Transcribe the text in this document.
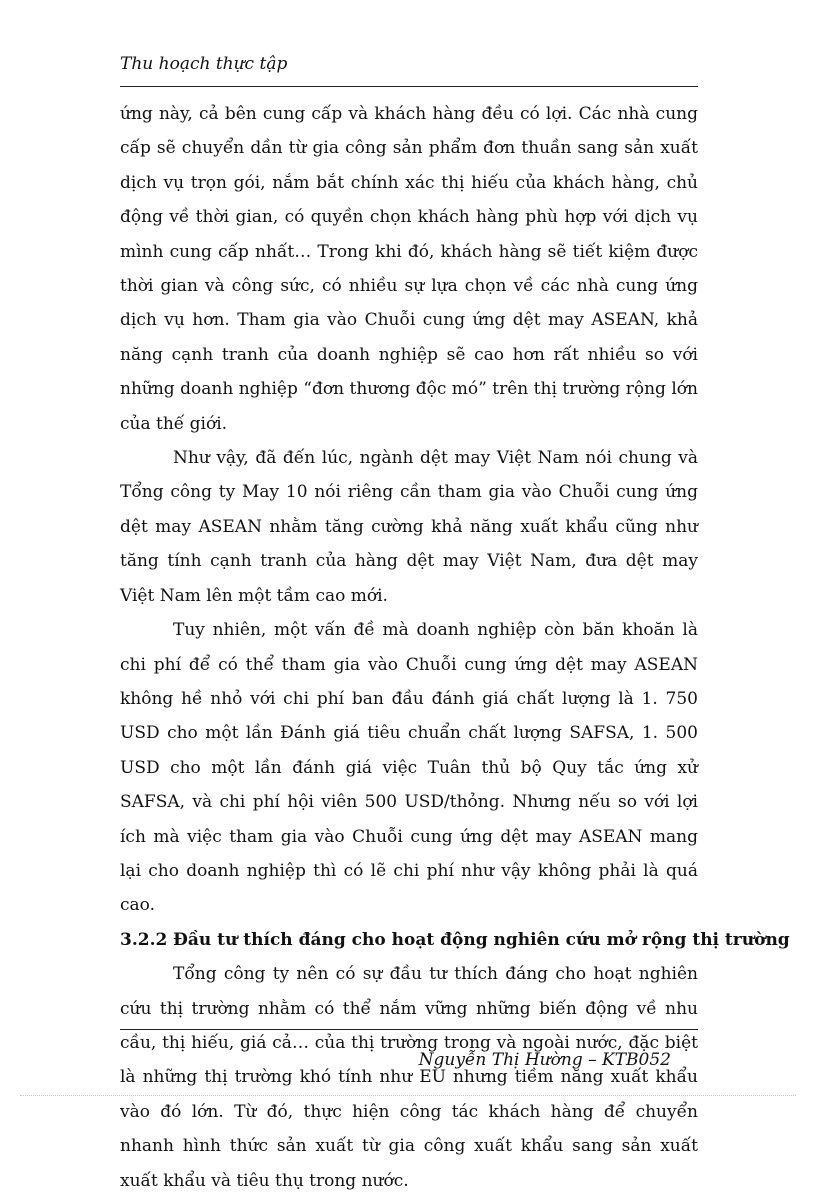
Thu hoạch thực tập

ứng này, cả bên cung cấp và khách hàng đều có lợi. Các nhà cung cấp sẽ chuyển dần từ gia công sản phẩm đơn thuần sang sản xuất dịch vụ trọn gói, nắm bắt chính xác thị hiếu của khách hàng, chủ động về thời gian, có quyền chọn khách hàng phù hợp với dịch vụ mình cung cấp nhất… Trong khi đó, khách hàng sẽ tiết kiệm được thời gian và công sức, có nhiều sự lựa chọn về các nhà cung ứng dịch vụ hơn. Tham gia vào Chuỗi cung ứng dệt may ASEAN, khả năng cạnh tranh của doanh nghiệp sẽ cao hơn rất nhiều so với những doanh nghiệp “đơn thương độc mó” trên thị trường rộng lớn của thế giới.

Như vậy, đã đến lúc, ngành dệt may Việt Nam nói chung và Tổng công ty May 10 nói riêng cần tham gia vào Chuỗi cung ứng dệt may ASEAN nhằm tăng cường khả năng xuất khẩu cũng như tăng tính cạnh tranh của hàng dệt may Việt Nam, đưa dệt may Việt Nam lên một tầm cao mới.

Tuy nhiên, một vấn đề mà doanh nghiệp còn băn khoăn là chi phí để có thể tham gia vào Chuỗi cung ứng dệt may ASEAN không hề nhỏ với chi phí ban đầu đánh giá chất lượng là 1. 750 USD cho một lần Đánh giá tiêu chuẩn chất lượng SAFSA, 1. 500 USD cho một lần đánh giá việc Tuân thủ bộ Quy tắc ứng xử SAFSA, và chi phí hội viên 500 USD/thỏng. Nhưng nếu so với lợi ích mà việc tham gia vào Chuỗi cung ứng dệt may ASEAN mang lại cho doanh nghiệp thì có lẽ chi phí như vậy không phải là quá cao.

3.2.2 Đầu tư thích đáng cho hoạt động nghiên cứu mở rộng thị trường

Tổng công ty nên có sự đầu tư thích đáng cho hoạt nghiên cứu thị trường nhằm có thể nắm vững những biến động về nhu cầu, thị hiếu, giá cả… của thị trường trong và ngoài nước, đặc biệt là những thị trường khó tính như EU nhưng tiềm năng xuất khẩu vào đó lớn. Từ đó, thực hiện công tác khách hàng để chuyển nhanh hình thức sản xuất từ gia công xuất khẩu sang sản xuất xuất khẩu và tiêu thụ trong nước.

Nguyễn Thị Hường – KTB052
